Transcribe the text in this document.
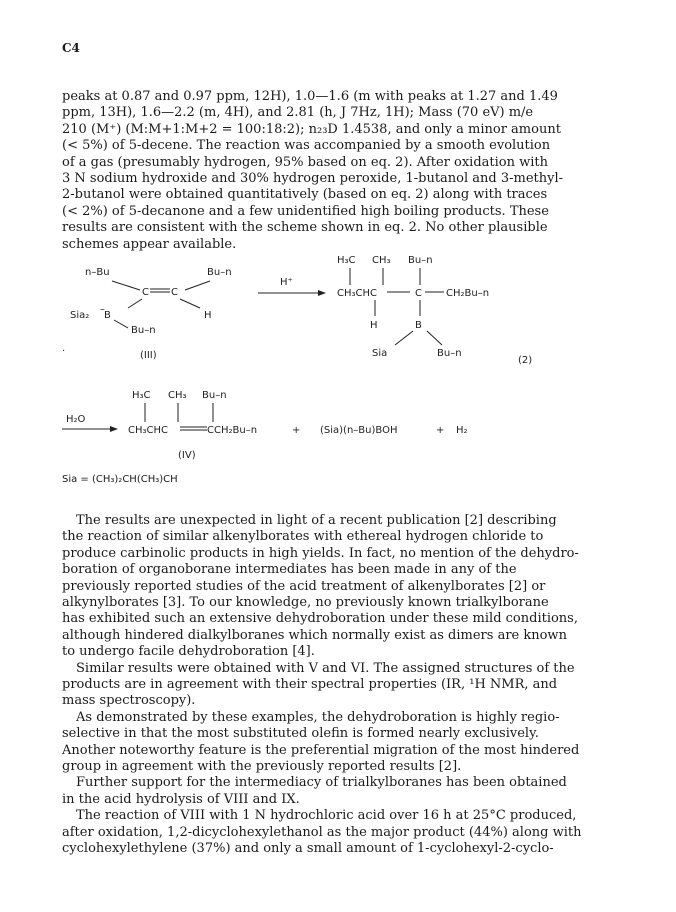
C4
peaks at 0.87 and 0.97 ppm, 12H), 1.0—1.6 (m with peaks at 1.27 and 1.49
ppm, 13H), 1.6—2.2 (m, 4H), and 2.81 (h, J 7Hz, 1H); Mass (70 eV) m/e
210 (M⁺) (M:M+1:M+2 = 100:18:2); n₂₃D 1.4538, and only a minor amount
(< 5%) of 5-decene. The reaction was accompanied by a smooth evolution
of a gas (presumably hydrogen, 95% based on eq. 2). After oxidation with
3 N sodium hydroxide and 30% hydrogen peroxide, 1-butanol and 3-methyl-
2-butanol were obtained quantitatively (based on eq. 2) along with traces
(< 2%) of 5-decanone and a few unidentified high boiling products. These
results are consistent with the scheme shown in eq. 2. No other plausible
schemes appear available.
n–Bu	Bu–n
C C
Sia₂
–
B	H
Bu–n
(III)
·
H⁺
H₃C CH₃ Bu–n
CH₃CHC	C CH₂Bu–n
H	B
Sia	Bu–n
(2)
H₂O
H₃C CH₃ Bu–n
CH₃CHC	CCH₂Bu–n
(IV)
+ (Sia)(n–Bu)BOH	+ H₂
Sia = (CH₃)₂CH(CH₃)CH
The results are unexpected in light of a recent publication [2] describing
the reaction of similar alkenylborates with ethereal hydrogen chloride to
produce carbinolic products in high yields. In fact, no mention of the dehydro-
boration of organoborane intermediates has been made in any of the
previously reported studies of the acid treatment of alkenylborates [2] or
alkynylborates [3]. To our knowledge, no previously known trialkylborane
has exhibited such an extensive dehydroboration under these mild conditions,
although hindered dialkylboranes which normally exist as dimers are known
to undergo facile dehydroboration [4].
Similar results were obtained with V and VI. The assigned structures of the
products are in agreement with their spectral properties (IR, ¹H NMR, and
mass spectroscopy).
As demonstrated by these examples, the dehydroboration is highly regio-
selective in that the most substituted olefin is formed nearly exclusively.
Another noteworthy feature is the preferential migration of the most hindered
group in agreement with the previously reported results [2].
Further support for the intermediacy of trialkylboranes has been obtained
in the acid hydrolysis of VIII and IX.
The reaction of VIII with 1 N hydrochloric acid over 16 h at 25°C produced,
after oxidation, 1,2-dicyclohexylethanol as the major product (44%) along with
cyclohexylethylene (37%) and only a small amount of 1-cyclohexyl-2-cyclo-
